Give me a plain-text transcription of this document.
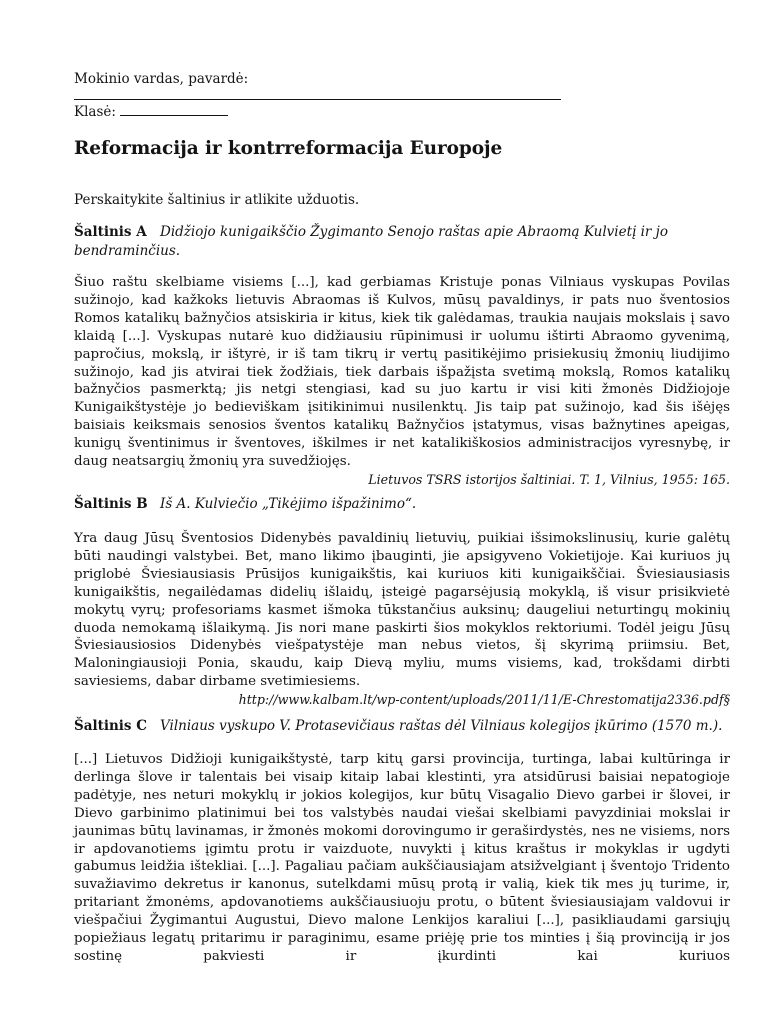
Mokinio vardas, pavardė:
Klasė:
Reformacija ir kontrreformacija Europoje
Perskaitykite šaltinius ir atlikite užduotis.
Šaltinis A Didžiojo kunigaikščio Žygimanto Senojo raštas apie Abraomą Kulvietį ir jo bendraminčius.

Šiuo raštu skelbiame visiems [...], kad gerbiamas Kristuje ponas Vilniaus vyskupas Povilas sužinojo, kad kažkoks lietuvis Abraomas iš Kulvos, mūsų pavaldinys, ir pats nuo šventosios Romos katalikų bažnyčios atsiskiria ir kitus, kiek tik galėdamas, traukia naujais mokslais į savo klaidą [...]. Vyskupas nutarė kuo didžiausiu rūpinimusi ir uolumu ištirti Abraomo gyvenimą, papročius, mokslą, ir ištyrė, ir iš tam tikrų ir vertų pasitikėjimo prisiekusių žmonių liudijimo sužinojo, kad jis atvirai tiek žodžiais, tiek darbais išpažįsta svetimą mokslą, Romos katalikų bažnyčios pasmerktą; jis netgi stengiasi, kad su juo kartu ir visi kiti žmonės Didžiojoje Kunigaikštystėje jo bedieviškam įsitikinimui nusilenktų. Jis taip pat sužinojo, kad šis išėjęs baisiais keiksmais senosios šventos katalikų Bažnyčios įstatymus, visas bažnytines apeigas, kunigų šventinimus ir šventoves, iškilmes ir net katalikiškosios administracijos vyresnybę, ir daug neatsargių žmonių yra suvedžiojęs.

Lietuvos TSRS istorijos šaltiniai. T. 1, Vilnius, 1955: 165.

Šaltinis B Iš A. Kulviečio „Tikėjimo išpažinimo“.

Yra daug Jūsų Šventosios Didenybės pavaldinių lietuvių, puikiai išsimokslinusių, kurie galėtų būti naudingi valstybei. Bet, mano likimo įbauginti, jie apsigyveno Vokietijoje. Kai kuriuos jų priglobė Šviesiausiasis Prūsijos kunigaikštis, kai kuriuos kiti kunigaikščiai. Šviesiausiasis kunigaikštis, negailėdamas didelių išlaidų, įsteigė pagarsėjusią mokyklą, iš visur prisikvietė mokytų vyrų; profesoriams kasmet išmoka tūkstančius auksinų; daugeliui neturtingų mokinių duoda nemokamą išlaikymą. Jis nori mane paskirti šios mokyklos rektoriumi. Todėl jeigu Jūsų Šviesiausiosios Didenybės viešpatystėje man nebus vietos, šį skyrimą priimsiu. Bet, Maloningiausioji Ponia, skaudu, kaip Dievą myliu, mums visiems, kad, trokšdami dirbti saviesiems, dabar dirbame svetimiesiems.

http://www.kalbam.lt/wp-content/uploads/2011/11/E-Chrestomatija2336.pdf§

Šaltinis C Vilniaus vyskupo V. Protasevičiaus raštas dėl Vilniaus kolegijos įkūrimo (1570 m.).

[...] Lietuvos Didžioji kunigaikštystė, tarp kitų garsi provincija, turtinga, labai kultūringa ir derlinga šlove ir talentais bei visaip kitaip labai klestinti, yra atsidūrusi baisiai nepatogioje padėtyje, nes neturi mokyklų ir jokios kolegijos, kur būtų Visagalio Dievo garbei ir šlovei, ir Dievo garbinimo platinimui bei tos valstybės naudai viešai skelbiami pavyzdiniai mokslai ir jaunimas būtų lavinamas, ir žmonės mokomi dorovingumo ir geraširdystės, nes ne visiems, nors ir apdovanotiems įgimtu protu ir vaizduote, nuvykti į kitus kraštus ir mokyklas ir ugdyti gabumus leidžia ištekliai. [...]. Pagaliau pačiam aukščiausiajam atsižvelgiant į šventojo Tridento suvažiavimo dekretus ir kanonus, sutelkdami mūsų protą ir valią, kiek tik mes jų turime, ir, pritariant žmonėms, apdovanotiems aukščiausiuoju protu, o būtent šviesiausiajam valdovui ir viešpačiui Žygimantui Augustui, Dievo malone Lenkijos karaliui [...], pasikliaudami garsiųjų popiežiaus legatų pritarimu ir paraginimu, esame priėję prie tos minties į šią provinciją ir jos sostinę pakviesti ir įkurdinti kai kuriuos
